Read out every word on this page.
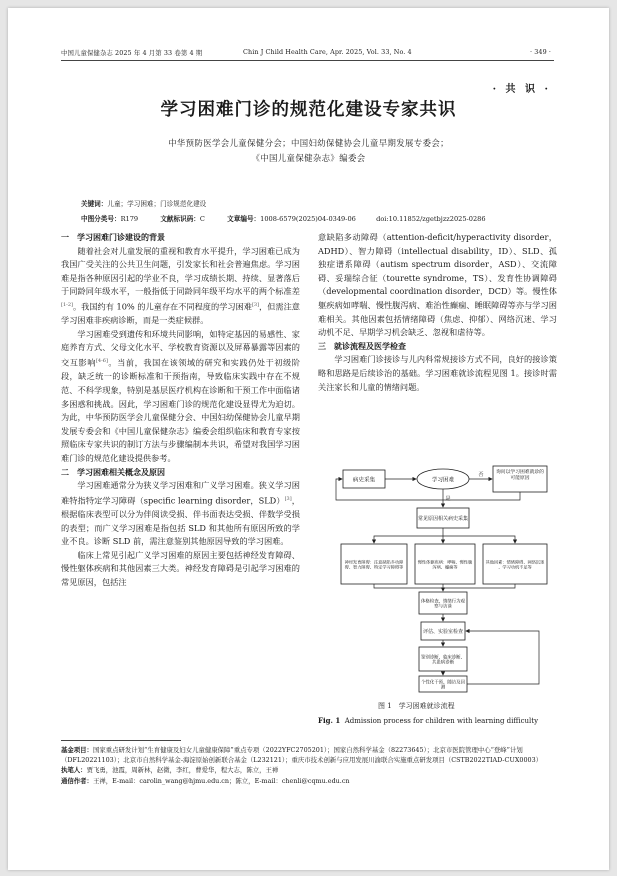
中国儿童保健杂志 2025 年 4 月第 33 卷第 4 期	Chin J Child Health Care, Apr. 2025, Vol. 33, No. 4	· 349 ·
· 共 识 ·
学习困难门诊的规范化建设专家共识
中华预防医学会儿童保健分会；中国妇幼保健协会儿童早期发展专委会；
《中国儿童保健杂志》编委会
关键词：儿童；学习困难；门诊规范化建设
中图分类号：R179	文献标识码：C	文章编号：1008-6579(2025)04-0349-06	doi:10.11852/zgetbjzz2025-0286

一　学习困难门诊建设的背景

随着社会对儿童发展的重视和教育水平提升，学习困难已成为我国广受关注的公共卫生问题，引发家长和社会普遍焦虑。学习困难是指各种原因引起的学业不良，学习成绩长期、持续、显著落后于同龄同年级水平，一般指低于同龄同年级平均水平的两个标准差[1-2]。我国约有 10% 的儿童存在不同程度的学习困难[3]，但需注意学习困难非疾病诊断，而是一类症候群。

学习困难受到遗传和环境共同影响，如特定基因的易感性、家庭养育方式、父母文化水平、学校教育资源以及屏幕暴露等因素的交互影响[4-6]。当前，我国在该领域的研究和实践仍处于初级阶段，缺乏统一的诊断标准和干预指南，导致临床实践中存在不规范、不科学现象，特别是基层医疗机构在诊断和干预工作中面临诸多困惑和挑战。因此，学习困难门诊的规范化建设显得尤为迫切。为此，中华预防医学会儿童保健分会、中国妇幼保健协会儿童早期发展专委会和《中国儿童保健杂志》编委会组织临床和教育专家按照临床专家共识的制订方法与步骤编制本共识，希望对我国学习困难门诊的规范化建设提供参考。

二　学习困难相关概念及原因

学习困难通常分为狭义学习困难和广义学习困难。狭义学习困难特指特定学习障碍（specific learning disorder，SLD）[3]，根据临床表型可以分为伴阅读受损、伴书面表达受损、伴数学受损的表型；而广义学习困难是指包括 SLD 和其他所有原因所致的学业不良。诊断 SLD 前，需注意鉴别其他原因导致的学习困难。

临床上常见引起广义学习困难的原因主要包括神经发育障碍、慢性躯体疾病和其他因素三大类。神经发育障碍是引起学习困难的常见原因，包括注

意缺陷多动障碍（attention-deficit/hyperactivity disorder，ADHD）、智力障碍（intellectual disability，ID）、SLD、孤独症谱系障碍（autism spectrum disorder，ASD）、交流障碍、妥瑞综合征（tourette syndrome，TS）、发育性协调障碍（developmental coordination disorder，DCD）等。慢性体躯疾病如哮喘、慢性腹泻病、难治性癫痫、睡眠障碍等亦与学习困难相关。其他因素包括情绪障碍（焦虑、抑郁）、网络沉迷、学习动机不足、早期学习机会缺乏、忽视和虐待等。

三　就诊流程及医学检查

学习困难门诊接诊与儿内科常规接诊方式不同，良好的接诊策略和思路是后续诊治的基础。学习困难就诊流程见图 1。接诊时需关注家长和儿童的情绪问题。

病史采集	学习困难
询问以学习困难就诊的可能原因
常见原因相关病史采集
神经发育障碍：注意缺陷多动障碍、智力障碍、特定学习障碍等
慢性体躯疾病：哮喘、慢性腹泻病、癫痫等
其他因素：情绪障碍、网络沉迷、学习动机不足等
体格检查、情绪行为观察与访谈
评估、实验室检查
鉴别诊断、临床诊断、共患病诊断
个性化干预、随访及回测
否
是
图 1　学习困难就诊流程
Fig. 1 Admission process for children with learning difficulty
基金项目：国家重点研发计划“生育健康及妇女儿童健康保障”重点专项（2022YFC2705201）；国家自然科学基金（82273645）；北京市医院管理中心“登峰”计划（DFL20221103）；北京市自然科学基金-海淀原始创新联合基金（L232121）；重庆市技术创新与应用发展川渝联合实施重点研发项目（CSTB2022TIAD-CUX0003）
执笔人：贾飞勇，池霞，周新林，赵微，李红，曹爱华，程大志，陈立，王禅
通信作者：王禅，E-mail：carolin_wang@hjmu.edu.cn；陈立，E-mail：chenli@cqmu.edu.cn
